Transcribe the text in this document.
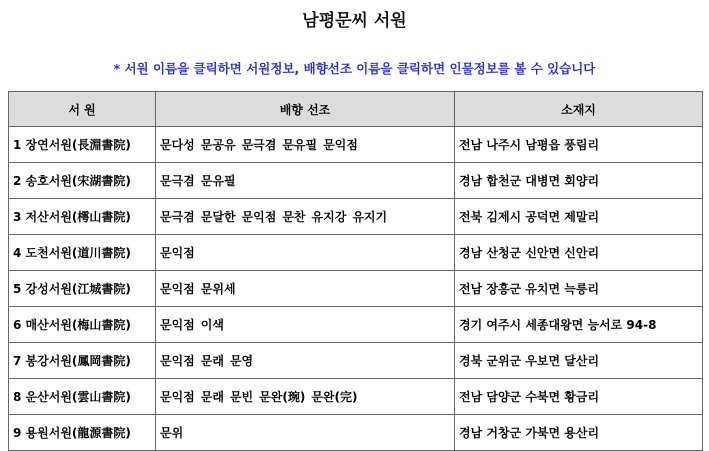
남평문씨 서원
* 서원 이름을 클릭하면 서원정보, 배향선조 이름을 클릭하면 인물정보를 볼 수 있습니다
서 원	배향 선조	소재지
1 장연서원(長淵書院)	문다성 문공유 문극겸 문유필 문익점	전남 나주시 남평읍 풍림리
2 송호서원(宋湖書院)	문극겸 문유필	경남 합천군 대병면 회양리
3 저산서원(樗山書院)	문극겸 문달한 문익점 문찬 유지강 유지기	전북 김제시 공덕면 제말리
4 도천서원(道川書院)	문익점	경남 산청군 신안면 신안리
5 강성서원(江城書院)	문익점 문위세	전남 장흥군 유치면 늑릉리
6 매산서원(梅山書院)	문익점 이색	경기 여주시 세종대왕면 능서로 94-8
7 봉강서원(鳳岡書院)	문익점 문래 문영	경북 군위군 우보면 달산리
8 운산서원(雲山書院)	문익점 문래 문빈 문완(琬) 문완(完)	전남 담양군 수북면 황금리
9 용원서원(龍源書院)	문위	경남 거창군 가북면 용산리
